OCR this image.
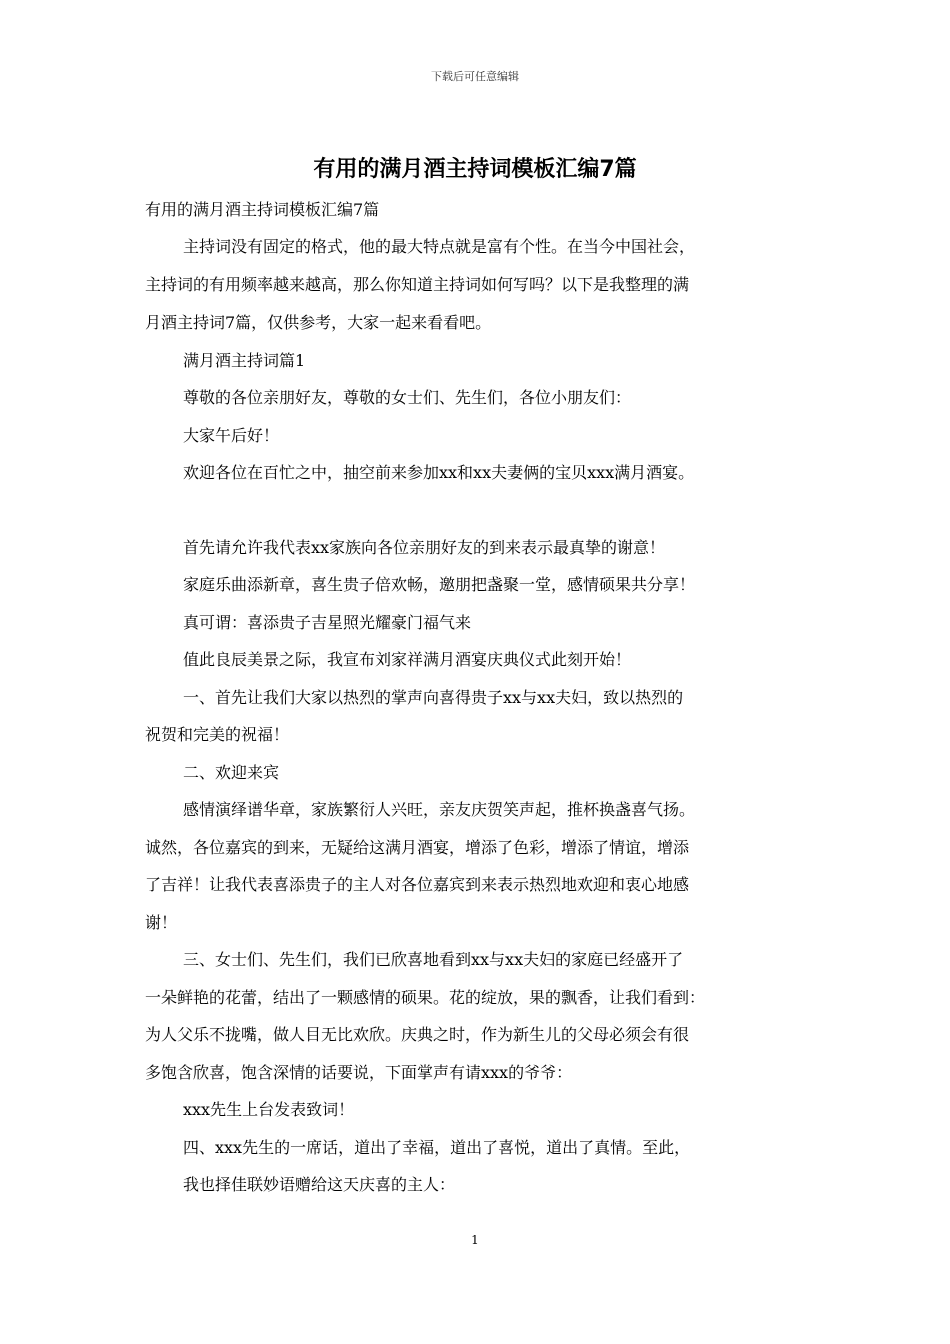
下载后可任意编辑
有用的满月酒主持词模板汇编7篇
有用的满月酒主持词模板汇编7篇
主持词没有固定的格式，他的最大特点就是富有个性。在当今中国社会，
主持词的有用频率越来越高，那么你知道主持词如何写吗？以下是我整理的满
月酒主持词7篇，仅供参考，大家一起来看看吧。
满月酒主持词篇1
尊敬的各位亲朋好友，尊敬的女士们、先生们，各位小朋友们：
大家午后好！
欢迎各位在百忙之中，抽空前来参加xx和xx夫妻俩的宝贝xxx满月酒宴。
首先请允许我代表xx家族向各位亲朋好友的到来表示最真挚的谢意！
家庭乐曲添新章，喜生贵子倍欢畅，邀朋把盏聚一堂，感情硕果共分享！
真可谓：喜添贵子吉星照光耀豪门福气来
值此良辰美景之际，我宣布刘家祥满月酒宴庆典仪式此刻开始！
一、首先让我们大家以热烈的掌声向喜得贵子xx与xx夫妇，致以热烈的
祝贺和完美的祝福！
二、欢迎来宾
感情演绎谱华章，家族繁衍人兴旺，亲友庆贺笑声起，推杯换盏喜气扬。
诚然，各位嘉宾的到来，无疑给这满月酒宴，增添了色彩，增添了情谊，增添
了吉祥！让我代表喜添贵子的主人对各位嘉宾到来表示热烈地欢迎和衷心地感
谢！
三、女士们、先生们，我们已欣喜地看到xx与xx夫妇的家庭已经盛开了
一朵鲜艳的花蕾，结出了一颗感情的硕果。花的绽放，果的飘香，让我们看到：
为人父乐不拢嘴，做人目无比欢欣。庆典之时，作为新生儿的父母必须会有很
多饱含欣喜，饱含深情的话要说，下面掌声有请xxx的爷爷：
xxx先生上台发表致词！
四、xxx先生的一席话，道出了幸福，道出了喜悦，道出了真情。至此，
我也择佳联妙语赠给这天庆喜的主人：
1
